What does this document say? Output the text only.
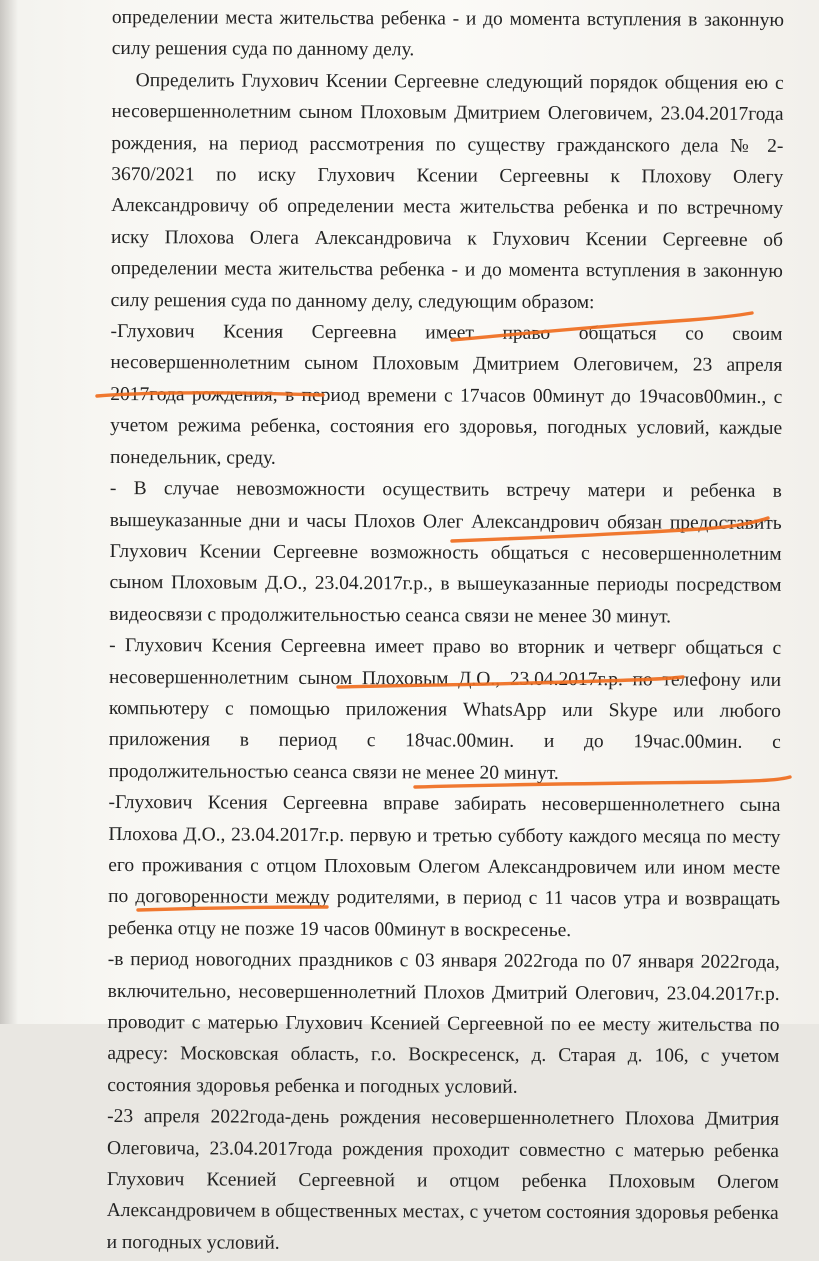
определении места жительства ребенка - и до момента вступления в законную
силу решения суда по данному делу.
Определить Глухович Ксении Сергеевне следующий порядок общения ею с
несовершеннолетним сыном Плоховым Дмитрием Олеговичем, 23.04.2017года
рождения, на период рассмотрения по существу гражданского дела № 2-
3670/2021 по иску Глухович Ксении Сергеевны к Плохову Олегу
Александровичу об определении места жительства ребенка и по встречному
иску Плохова Олега Александровича к Глухович Ксении Сергеевне об
определении места жительства ребенка - и до момента вступления в законную
силу решения суда по данному делу, следующим образом:
-Глухович Ксения Сергеевна имеет право общаться со своим
несовершеннолетним сыном Плоховым Дмитрием Олеговичем, 23 апреля
2017года рождения, в период времени с 17часов 00минут до 19часов00мин., с
учетом режима ребенка, состояния его здоровья, погодных условий, каждые
понедельник, среду.
- В случае невозможности осуществить встречу матери и ребенка в
вышеуказанные дни и часы Плохов Олег Александрович обязан предоставить
Глухович Ксении Сергеевне возможность общаться с несовершеннолетним
сыном Плоховым Д.О., 23.04.2017г.р., в вышеуказанные периоды посредством
видеосвязи с продолжительностью сеанса связи не менее 30 минут.
- Глухович Ксения Сергеевна имеет право во вторник и четверг общаться с
несовершеннолетним сыном Плоховым Д.О., 23.04.2017г.р. по телефону или
компьютеру с помощью приложения WhatsApp или Skype или любого
приложения в период с 18час.00мин. и до 19час.00мин. с
продолжительностью сеанса связи не менее 20 минут.
-Глухович Ксения Сергеевна вправе забирать несовершеннолетнего сына
Плохова Д.О., 23.04.2017г.р. первую и третью субботу каждого месяца по месту
его проживания с отцом Плоховым Олегом Александровичем или ином месте
по договоренности между родителями, в период с 11 часов утра и возвращать
ребенка отцу не позже 19 часов 00минут в воскресенье.
-в период новогодних праздников с 03 января 2022года по 07 января 2022года,
включительно, несовершеннолетний Плохов Дмитрий Олегович, 23.04.2017г.р.
проводит с матерью Глухович Ксенией Сергеевной по ее месту жительства по
адресу: Московская область, г.о. Воскресенск, д. Старая д. 106, с учетом
состояния здоровья ребенка и погодных условий.
-23 апреля 2022года-день рождения несовершеннолетнего Плохова Дмитрия
Олеговича, 23.04.2017года рождения проходит совместно с матерью ребенка
Глухович Ксенией Сергеевной и отцом ребенка Плоховым Олегом
Александровичем в общественных местах, с учетом состояния здоровья ребенка
и погодных условий.
